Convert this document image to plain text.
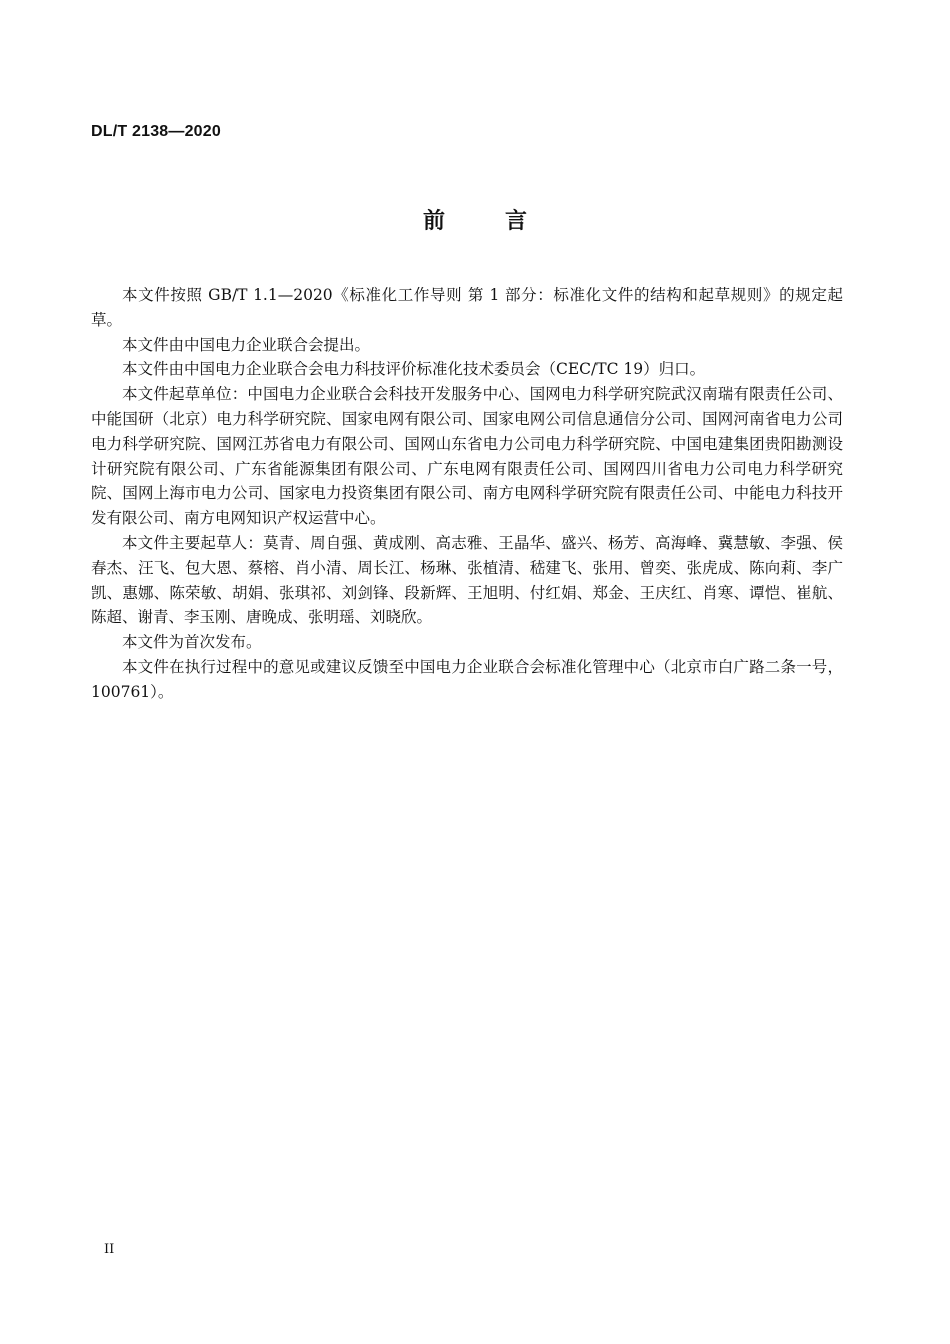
DL/T 2138—2020
前言

本文件按照 GB/T 1.1—2020《标准化工作导则 第 1 部分：标准化文件的结构和起草规则》的规定起草。

本文件由中国电力企业联合会提出。

本文件由中国电力企业联合会电力科技评价标准化技术委员会（CEC/TC 19）归口。

本文件起草单位：中国电力企业联合会科技开发服务中心、国网电力科学研究院武汉南瑞有限责任公司、中能国研（北京）电力科学研究院、国家电网有限公司、国家电网公司信息通信分公司、国网河南省电力公司电力科学研究院、国网江苏省电力有限公司、国网山东省电力公司电力科学研究院、中国电建集团贵阳勘测设计研究院有限公司、广东省能源集团有限公司、广东电网有限责任公司、国网四川省电力公司电力科学研究院、国网上海市电力公司、国家电力投资集团有限公司、南方电网科学研究院有限责任公司、中能电力科技开发有限公司、南方电网知识产权运营中心。

本文件主要起草人：莫青、周自强、黄成刚、高志雅、王晶华、盛兴、杨芳、高海峰、冀慧敏、李强、侯春杰、汪飞、包大恩、蔡榕、肖小清、周长江、杨琳、张植清、嵇建飞、张用、曾奕、张虎成、陈向莉、李广凯、惠娜、陈荣敏、胡娟、张琪祁、刘剑锋、段新辉、王旭明、付红娟、郑金、王庆红、肖寒、谭恺、崔航、陈超、谢青、李玉刚、唐晚成、张明瑶、刘晓欣。

本文件为首次发布。

本文件在执行过程中的意见或建议反馈至中国电力企业联合会标准化管理中心（北京市白广路二条一号，100761）。

II
